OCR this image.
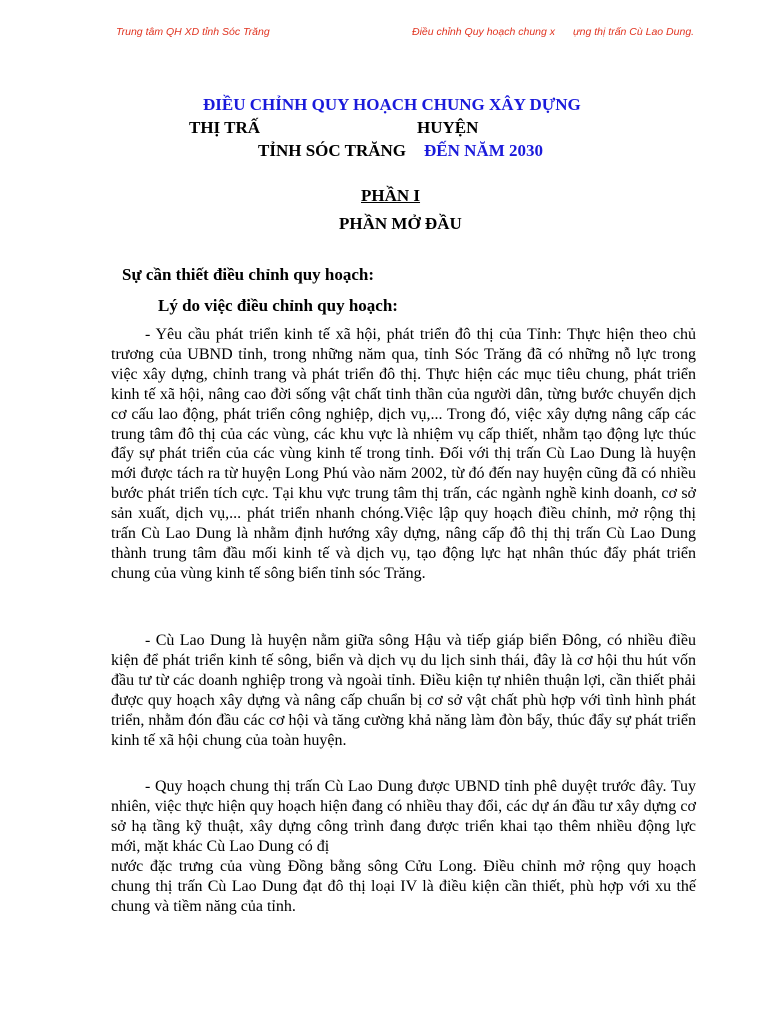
Trung tâm QH XD tỉnh Sóc Trăng	Điều chỉnh Quy hoạch chung x ựng thị trấn Cù Lao Dung.
ĐIỀU CHỈNH QUY HOẠCH CHUNG XÂY DỰNG
THỊ TRẤ	HUYỆN
TỈNH SÓC TRĂNG ĐẾN NĂM 2030
PHẦN I
PHẦN MỞ ĐẦU
Sự cần thiết điều chỉnh quy hoạch:
Lý do việc điều chỉnh quy hoạch:

- Yêu cầu phát triển kinh tế xã hội, phát triển đô thị của Tỉnh: Thực hiện theo chủ trương của UBND tỉnh, trong những năm qua, tỉnh Sóc Trăng đã có những nỗ lực trong việc xây dựng, chỉnh trang và phát triển đô thị. Thực hiện các mục tiêu chung, phát triển kinh tế xã hội, nâng cao đời sống vật chất tinh thần của người dân, từng bước chuyển dịch cơ cấu lao động, phát triển công nghiệp, dịch vụ,... Trong đó, việc xây dựng nâng cấp các trung tâm đô thị của các vùng, các khu vực là nhiệm vụ cấp thiết, nhằm tạo động lực thúc đẩy sự phát triển của các vùng kinh tế trong tỉnh. Đối với thị trấn Cù Lao Dung là huyện mới được tách ra từ huyện Long Phú vào năm 2002, từ đó đến nay huyện cũng đã có nhiều bước phát triển tích cực. Tại khu vực trung tâm thị trấn, các ngành nghề kinh doanh, cơ sở sản xuất, dịch vụ,... phát triển nhanh chóng.Việc lập quy hoạch điều chỉnh, mở rộng thị trấn Cù Lao Dung là nhằm định hướng xây dựng, nâng cấp đô thị thị trấn Cù Lao Dung thành trung tâm đầu mối kinh tế và dịch vụ, tạo động lực hạt nhân thúc đẩy phát triển chung của vùng kinh tế sông biển tỉnh sóc Trăng.

- Cù Lao Dung là huyện nằm giữa sông Hậu và tiếp giáp biển Đông, có nhiều điều kiện để phát triển kinh tế sông, biển và dịch vụ du lịch sinh thái, đây là cơ hội thu hút vốn đầu tư từ các doanh nghiệp trong và ngoài tỉnh. Điều kiện tự nhiên thuận lợi, cần thiết phải được quy hoạch xây dựng và nâng cấp chuẩn bị cơ sở vật chất phù hợp với tình hình phát triển, nhằm đón đầu các cơ hội và tăng cường khả năng làm đòn bẩy, thúc đẩy sự phát triển kinh tế xã hội chung của toàn huyện.

- Quy hoạch chung thị trấn Cù Lao Dung được UBND tỉnh phê duyệt trước đây. Tuy nhiên, việc thực hiện quy hoạch hiện đang có nhiều thay đổi, các dự án đầu tư xây dựng cơ sở hạ tầng kỹ thuật, xây dựng công trình đang được triển khai tạo thêm nhiều động lực mới, mặt khác Cù Lao Dung có đị

nước đặc trưng của vùng Đồng bằng sông Cửu Long. Điều chỉnh mở rộng quy hoạch chung thị trấn Cù Lao Dung đạt đô thị loại IV là điều kiện cần thiết, phù hợp với xu thế chung và tiềm năng của tỉnh.
